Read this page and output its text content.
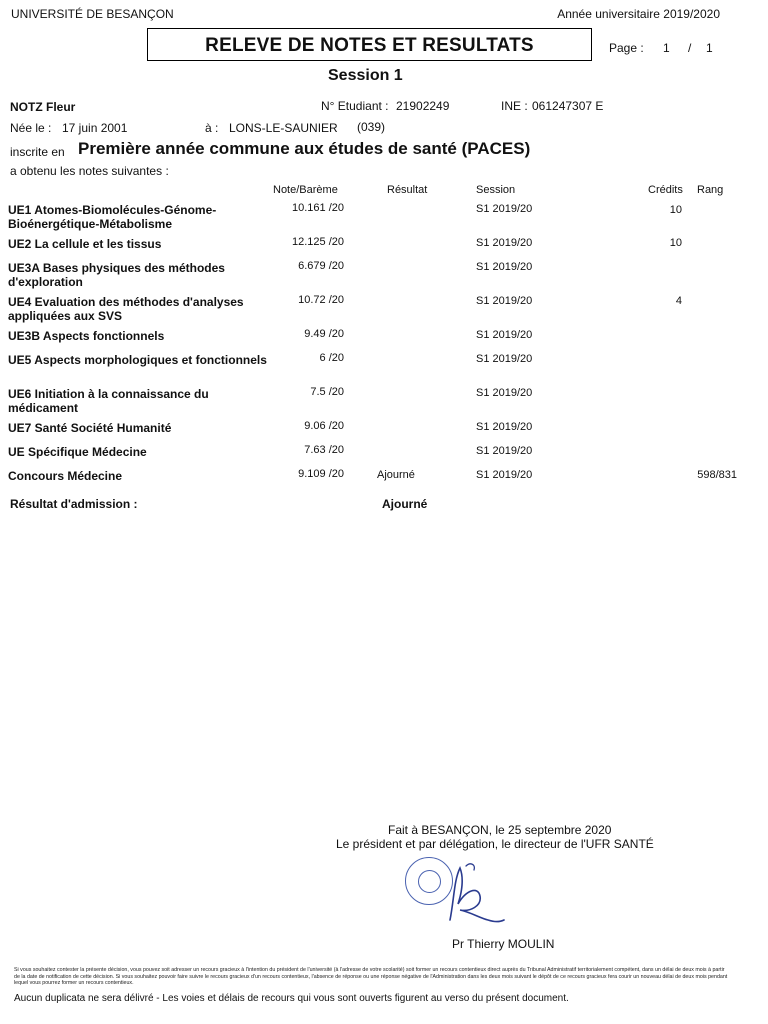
UNIVERSITÉ DE BESANÇON	Année universitaire 2019/2020
RELEVE DE NOTES ET RESULTATS	Page : 1 / 1
Session 1
NOTZ Fleur	N° Etudiant : 21902249	INE : 061247307 E
Née le : 17 juin 2001	à : LONS-LE-SAUNIER (039)
inscrite en Première année commune aux études de santé (PACES)
a obtenu les notes suivantes :
Note/Barème	Résultat	Session	Crédits Rang
UE1 Atomes-Biomolécules-Génome-Bioénergétique-Métabolisme
10.161 /20	S1 2019/20	10
UE2 La cellule et les tissus	12.125 /20	S1 2019/20	10
UE3A Bases physiques des méthodes d'exploration
6.679 /20	S1 2019/20
UE4 Evaluation des méthodes d'analyses appliquées aux SVS
10.72 /20	S1 2019/20	4
UE3B Aspects fonctionnels	9.49 /20	S1 2019/20
UE5 Aspects morphologiques et fonctionnels	6 /20	S1 2019/20
UE6 Initiation à la connaissance du médicament
7.5 /20	S1 2019/20
UE7 Santé Société Humanité	9.06 /20	S1 2019/20
UE Spécifique Médecine	7.63 /20	S1 2019/20
Concours Médecine	9.109 /20	Ajourné	S1 2019/20	598/831
Résultat d'admission :	Ajourné
Fait à BESANÇON, le 25 septembre 2020
Le président et par délégation, le directeur de l'UFR SANTÉ
Pr Thierry MOULIN
Si vous souhaitez contester la présente décision, vous pouvez soit adresser un recours gracieux à l'intention du président de l'université (à l'adresse de votre scolarité) soit former un recours contentieux direct auprès du Tribunal Administratif territorialement compétent, dans un délai de deux mois à partir de la date de notification de cette décision. Si vous souhaitez pouvoir faire suivre le recours gracieux d'un recours contentieux, l'absence de réponse ou une réponse négative de l'Administration dans les deux mois suivant le dépôt de ce recours gracieux fera courir un nouveau délai de deux mois pendant lequel vous pourrez former un recours contentieux.
Aucun duplicata ne sera délivré - Les voies et délais de recours qui vous sont ouverts figurent au verso du présent document.
